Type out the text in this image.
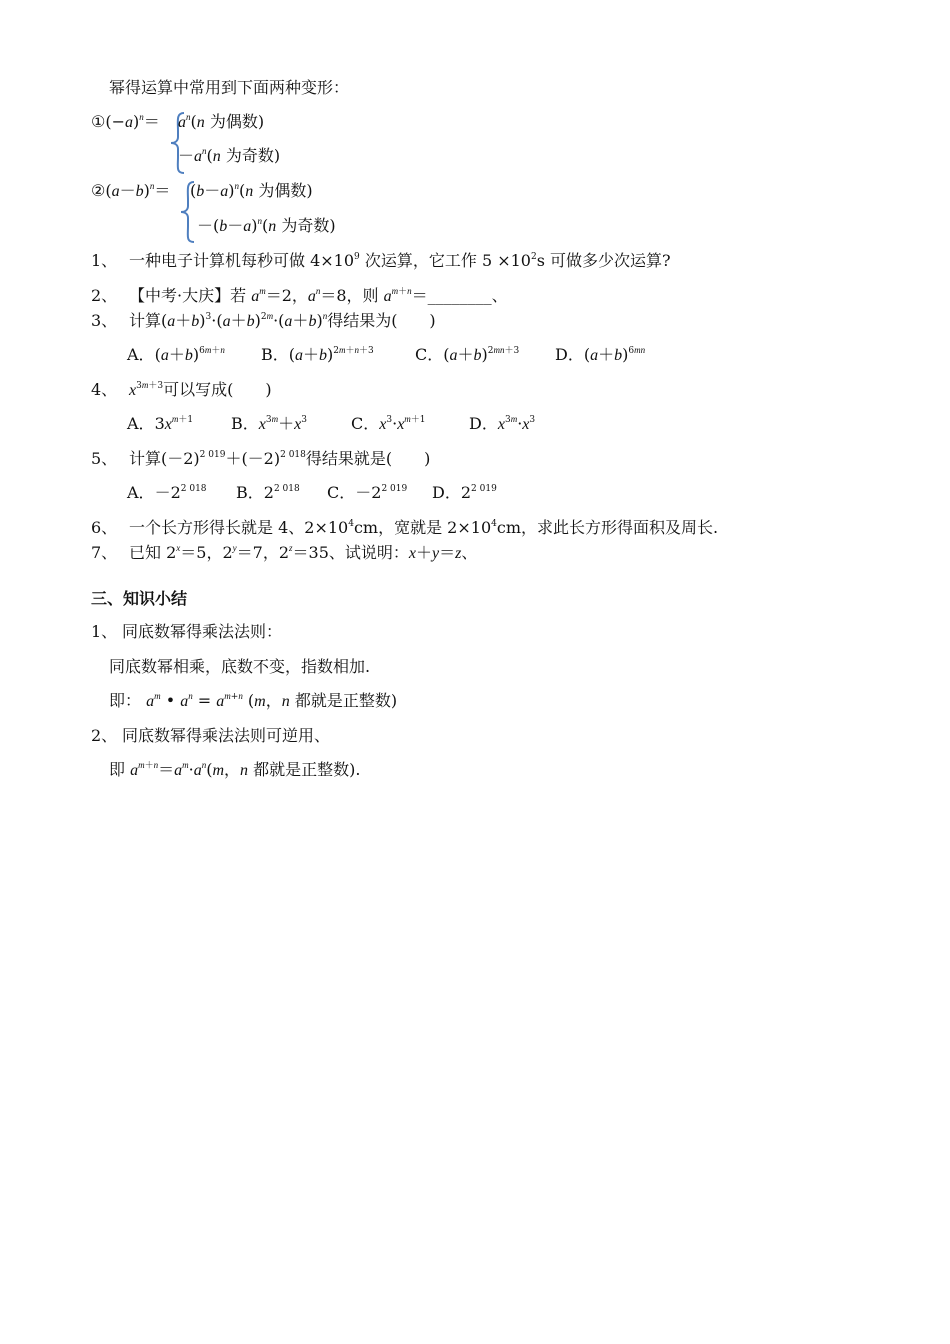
幂得运算中常用到下面两种变形：
$①(-a)^n= a^n(n$ 为偶数)
$-a^n(n$ 为奇数)
$②(a-b)^n= (b-a)^n(n$ 为偶数)
$-(b-a)^n(n$ 为奇数)
1、 一种电子计算机每秒可做 $4\times 10^9$ 次运算，它工作 $5 \times 10^2s$ 可做多少次运算?
2、 【中考·大庆】若 $a^m=2$，$a^n=8$，则 $a^{m+n}=\_\_\_\_\_\_\_\_$、
3、 计算$(a+b)^3\cdot(a+b)^{2m}\cdot(a+b)^n$得结果为(　　)
A．$(a+b)^{6m+n}$ B．$(a+b)^{2m+n+3}$	C．$(a+b)^{2mn+3}$ D．$(a+b)^{6mn}$
4、 $x^{3m+3}$可以写成(　　)
A．$3x^{m+1}$ B．$x^{3m}+x^3$	C．$x^3\cdot x^{m+1}$	D．$x^{3m}\cdot x^3$
5、 计算$(-2)^{2 019}+(-2)^{2 018}$得结果就是(　　)
A．$-2^{2 018}$ B．$2^{2 018}$ C．$-2^{2 019}$ D．$2^{2 019}$
6、 一个长方形得长就是 4、$2\times 10^4cm$，宽就是 $2\times 10^4cm$，求此长方形得面积及周长.
7、 已知 $2^x=5$，$2^y=7$，$2^z=35$、试说明：x＋y＝z、
三、知识小结
1、 同底数幂得乘法法则：
同底数幂相乘，底数不变，指数相加.
即： $a^m$ • $a^n = a^{m+n}$ (m，n 都就是正整数)
2、 同底数幂得乘法法则可逆用、
即 $a^{m+n}=a^m\cdot a^n(m$，n 都就是正整数).
